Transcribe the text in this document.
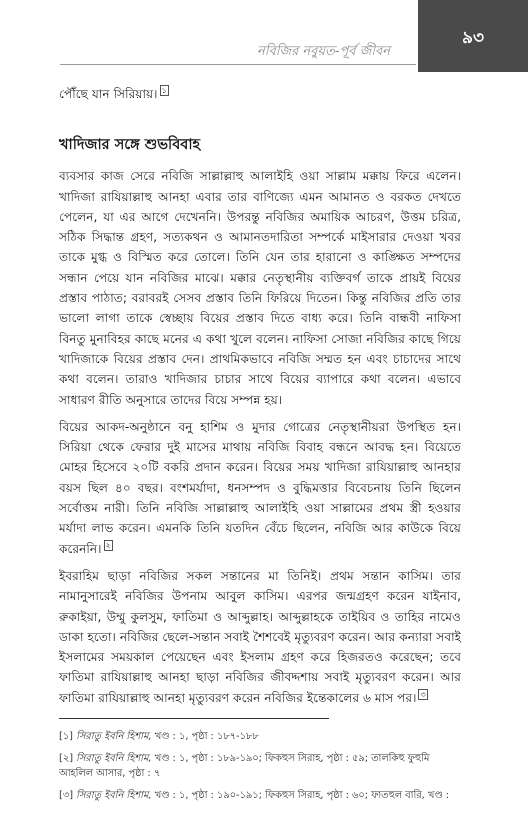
নবিজির নবুয়ত-পূর্ব জীবন
৯৩

পৌঁছে যান সিরিয়ায়। $^১$

খাদিজার সঙ্গে শুভবিবাহ

ব্যবসার কাজ সেরে নবিজি সাল্লাল্লাহু আলাইহি ওয়া সাল্লাম মক্কায় ফিরে এলেন। খাদিজা রাযিয়াল্লাহু আনহা এবার তার বাণিজ্যে এমন আমানত ও বরকত দেখতে পেলেন, যা এর আগে দেখেননি। উপরন্তু নবিজির অমায়িক আচরণ, উত্তম চরিত্র, সঠিক সিদ্ধান্ত গ্রহণ, সত্যকথন ও আমানতদারিতা সম্পর্কে মাইসারার দেওয়া খবর তাকে মুগ্ধ ও বিস্মিত করে তোলে। তিনি যেন তার হারানো ও কাঙ্ক্ষিত সম্পদের সন্ধান পেয়ে যান নবিজির মাঝে। মক্কার নেতৃস্থানীয় ব্যক্তিবর্গ তাকে প্রায়ই বিয়ের প্রস্তাব পাঠাত; বরাবরই সেসব প্রস্তাব তিনি ফিরিয়ে দিতেন। কিন্তু নবিজির প্রতি তার ভালো লাগা তাকে স্বেচ্ছায় বিয়ের প্রস্তাব দিতে বাধ্য করে। তিনি বান্ধবী নাফিসা বিনতু মুনাবিহর কাছে মনের এ কথা খুলে বলেন। নাফিসা সোজা নবিজির কাছে গিয়ে খাদিজাকে বিয়ের প্রস্তাব দেন। প্রাথমিকভাবে নবিজি সম্মত হন এবং চাচাদের সাথে কথা বলেন। তারাও খাদিজার চাচার সাথে বিয়ের ব্যাপারে কথা বলেন। এভাবে সাধারণ রীতি অনুসারে তাদের বিয়ে সম্পন্ন হয়।

বিয়ের আকদ-অনুষ্ঠানে বনু হাশিম ও মুদার গোত্রের নেতৃস্থানীয়রা উপস্থিত হন। সিরিয়া থেকে ফেরার দুই মাসের মাথায় নবিজি বিবাহ বন্ধনে আবদ্ধ হন। বিয়েতে মোহর হিসেবে ২০টি বকরি প্রদান করেন। বিয়ের সময় খাদিজা রাযিয়াল্লাহু আনহার বয়স ছিল ৪০ বছর। বংশমর্যাদা, ধনসম্পদ ও বুদ্ধিমত্তার বিবেচনায় তিনি ছিলেন সর্বোত্তম নারী। তিনি নবিজি সাল্লাল্লাহু আলাইহি ওয়া সাল্লামের প্রথম স্ত্রী হওয়ার মর্যাদা লাভ করেন। এমনকি তিনি যতদিন বেঁচে ছিলেন, নবিজি আর কাউকে বিয়ে করেননি। $^২$

ইবরাহিম ছাড়া নবিজির সকল সন্তানের মা তিনিই। প্রথম সন্তান কাসিম। তার নামানুসারেই নবিজির উপনাম আবুল কাসিম। এরপর জন্মগ্রহণ করেন যাইনাব, রুকাইয়া, উম্মু কুলসুম, ফাতিমা ও আব্দুল্লাহ। আব্দুল্লাহকে তাইয়িব ও তাহির নামেও ডাকা হতো। নবিজির ছেলে-সন্তান সবাই শৈশবেই মৃত্যুবরণ করেন। আর কন্যারা সবাই ইসলামের সময়কাল পেয়েছেন এবং ইসলাম গ্রহণ করে হিজরতও করেছেন; তবে ফাতিমা রাযিয়াল্লাহু আনহা ছাড়া নবিজির জীবদ্দশায় সবাই মৃত্যুবরণ করেন। আর ফাতিমা রাযিয়াল্লাহু আনহা মৃত্যুবরণ করেন নবিজির ইন্তেকালের ৬ মাস পর। $^৩$

[১] সিরাতু ইবনি হিশাম, খণ্ড : ১, পৃষ্ঠা : ১৮৭-১৮৮

[২] সিরাতু ইবনি হিশাম, খণ্ড : ১, পৃষ্ঠা : ১৮৯-১৯০; ফিকহুস সিরাহ, পৃষ্ঠা : ৫৯; তালকিহু ফুহুমি আহলিল আসার, পৃষ্ঠা : ৭

[৩] সিরাতু ইবনি হিশাম, খণ্ড : ১, পৃষ্ঠা : ১৯০-১৯১; ফিকহুস সিরাহ, পৃষ্ঠা : ৬০; ফাতহুল বারি, খণ্ড :
